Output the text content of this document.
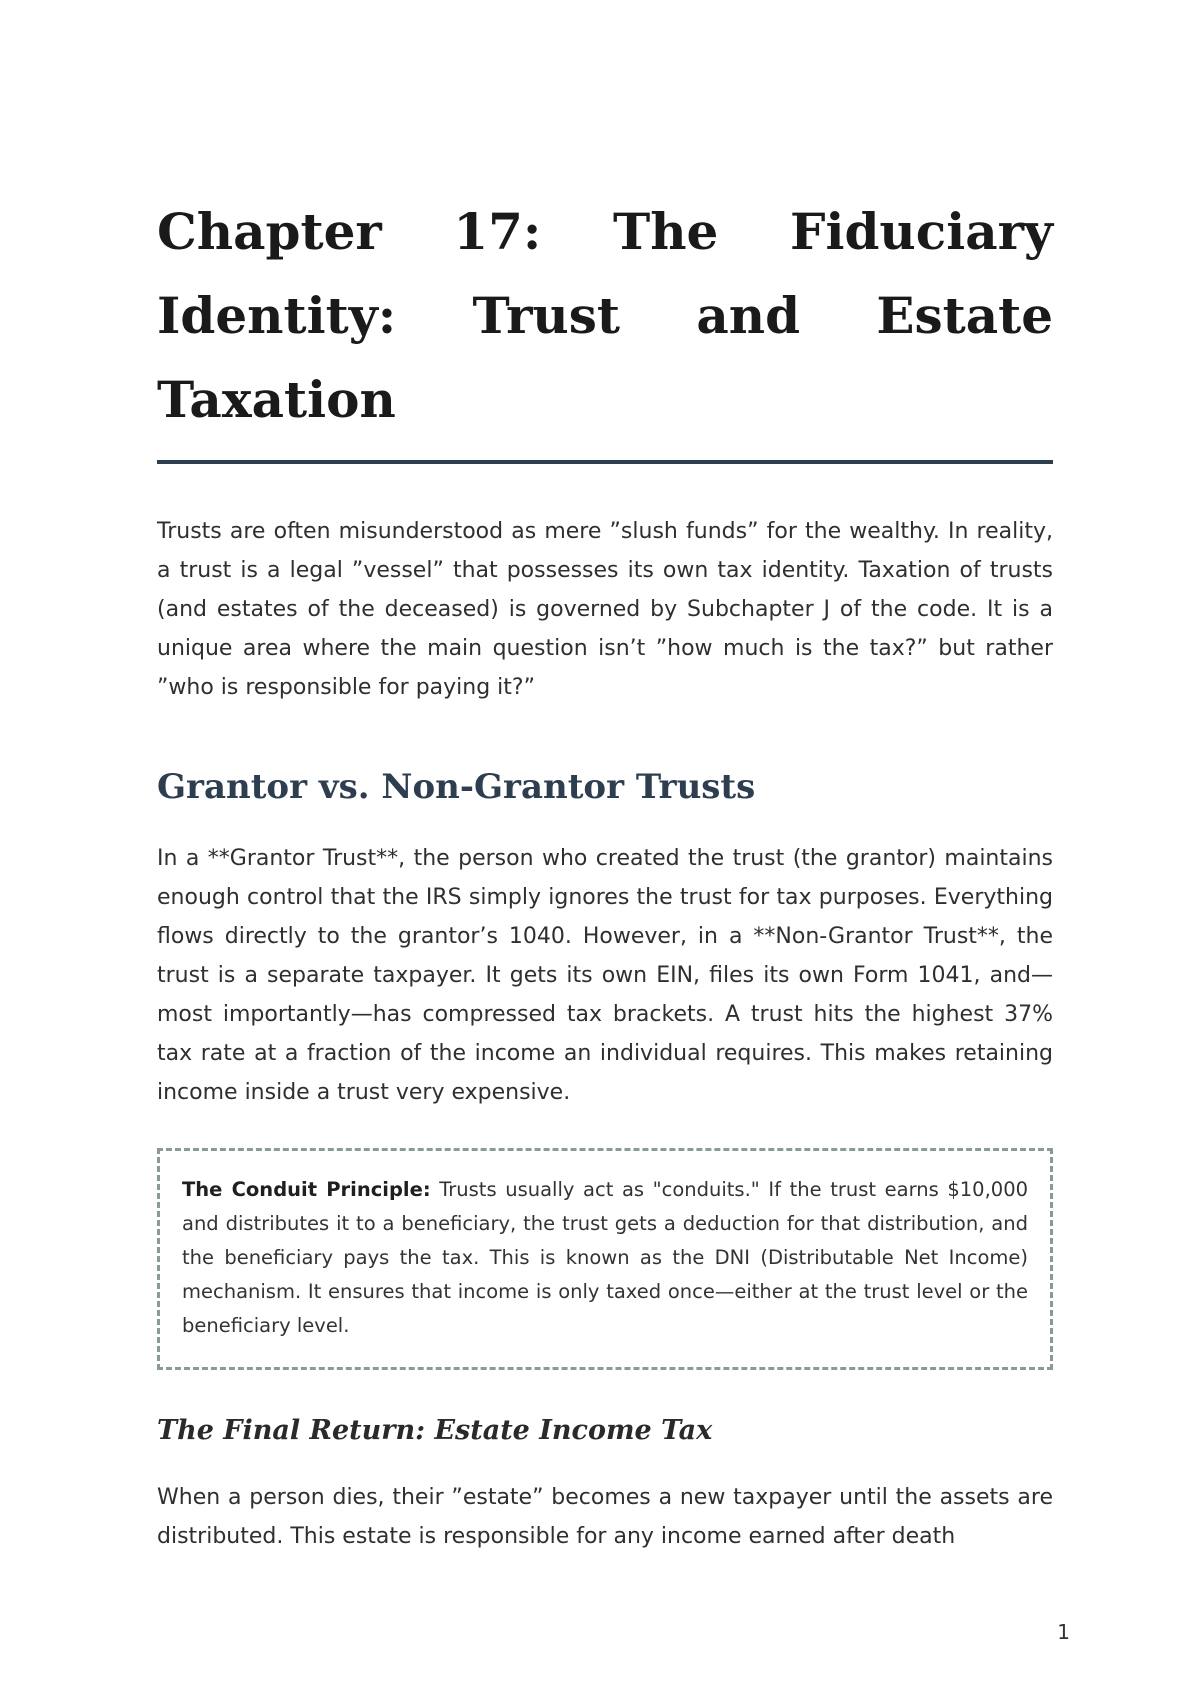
Chapter 17: The Fiduciary Identity: Trust and Estate Taxation

Trusts are often misunderstood as mere ”slush funds” for the wealthy. In reality, a trust is a legal ”vessel” that possesses its own tax identity. Taxation of trusts (and estates of the deceased) is governed by Subchapter J of the code. It is a unique area where the main question isn’t ”how much is the tax?” but rather ”who is responsible for paying it?”

Grantor vs. Non-Grantor Trusts

In a **Grantor Trust**, the person who created the trust (the grantor) maintains enough control that the IRS simply ignores the trust for tax purposes. Everything flows directly to the grantor’s 1040. However, in a **Non-Grantor Trust**, the trust is a separate taxpayer. It gets its own EIN, files its own Form 1041, and—most importantly—has compressed tax brackets. A trust hits the highest 37% tax rate at a fraction of the income an individual requires. This makes retaining income inside a trust very expensive.

The Conduit Principle: Trusts usually act as "conduits." If the trust earns $10,000 and distributes it to a beneficiary, the trust gets a deduction for that distribution, and the beneficiary pays the tax. This is known as the DNI (Distributable Net Income) mechanism. It ensures that income is only taxed once—either at the trust level or the beneficiary level.

The Final Return: Estate Income Tax

When a person dies, their ”estate” becomes a new taxpayer until the assets are distributed. This estate is responsible for any income earned after death

1
